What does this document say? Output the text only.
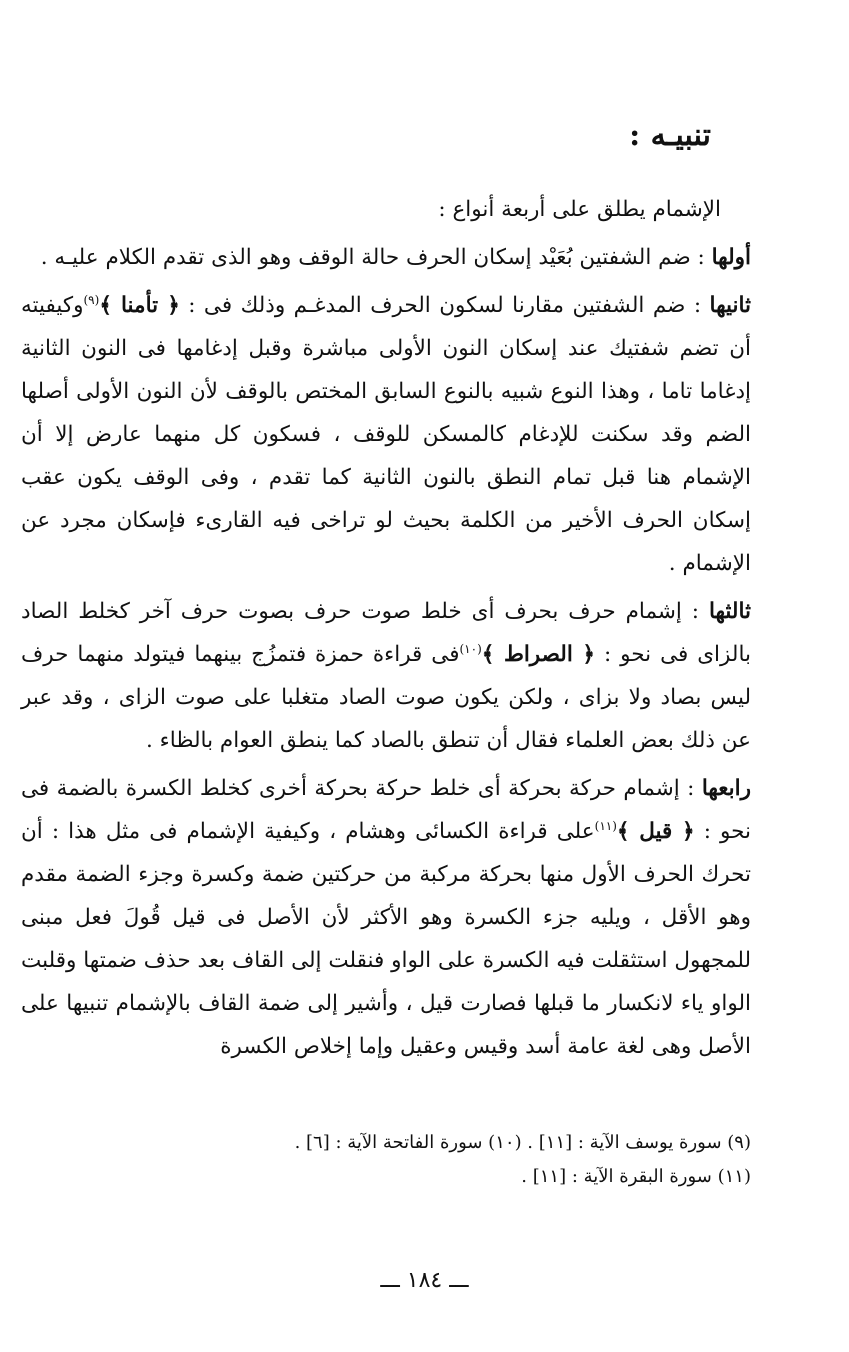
تنبيـه :

الإشمام يطلق على أربعة أنواع :

أولها : ضم الشفتين بُعَيْد إسكان الحرف حالة الوقف وهو الذى تقدم الكلام عليـه .

ثانيها : ضم الشفتين مقارنا لسكون الحرف المدغـم وذلك فى : ﴿ تأمنا ﴾$^{(٩)}$وكيفيته أن تضم شفتيك عند إسكان النون الأولى مباشرة وقبل إدغامها فى النون الثانية إدغاما تاما ، وهذا النوع شبيه بالنوع السابق المختص بالوقف لأن النون الأولى أصلها الضم وقد سكنت للإدغام كالمسكن للوقف ، فسكون كل منهما عارض إلا أن الإشمام هنا قبل تمام النطق بالنون الثانية كما تقدم ، وفى الوقف يكون عقب إسكان الحرف الأخير من الكلمة بحيث لو تراخى فيه القارىء فإسكان مجرد عن الإشمام .

ثالثها : إشمام حرف بحرف أى خلط صوت حرف بصوت حرف آخر كخلط الصاد بالزاى فى نحو : ﴿ الصراط ﴾$^{(١٠)}$فى قراءة حمزة فتمزُج بينهما فيتولد منهما حرف ليس بصاد ولا بزاى ، ولكن يكون صوت الصاد متغلبا على صوت الزاى ، وقد عبر عن ذلك بعض العلماء فقال أن تنطق بالصاد كما ينطق العوام بالظاء .

رابعها : إشمام حركة بحركة أى خلط حركة بحركة أخرى كخلط الكسرة بالضمة فى نحو : ﴿ قيل ﴾$^{(١١)}$على قراءة الكسائى وهشام ، وكيفية الإشمام فى مثل هذا : أن تحرك الحرف الأول منها بحركة مركبة من حركتين ضمة وكسرة وجزء الضمة مقدم وهو الأقل ، ويليه جزء الكسرة وهو الأكثر لأن الأصل فى قيل قُولَ فعل مبنى للمجهول استثقلت فيه الكسرة على الواو فنقلت إلى القاف بعد حذف ضمتها وقلبت الواو ياء لانكسار ما قبلها فصارت قيل ، وأشير إلى ضمة القاف بالإشمام تنبيها على الأصل وهى لغة عامة أسد وقيس وعقيل وإما إخلاص الكسرة

(٩) سورة يوسف الآية : [١١] . (١٠) سورة الفاتحة الآية : [٦] .

(١١) سورة البقرة الآية : [١١] .

ـــ ١٨٤ ـــ
